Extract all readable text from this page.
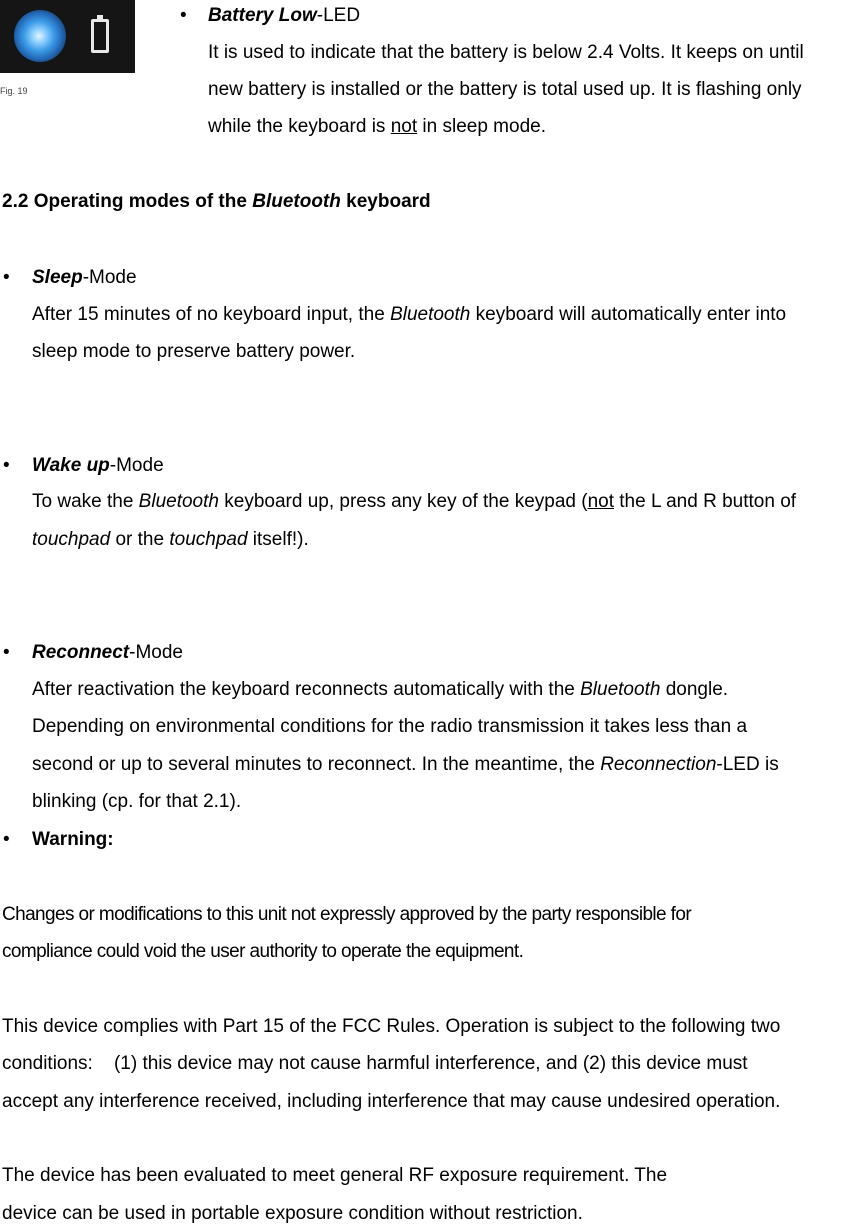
Fig. 19
• Battery Low-LED
It is used to indicate that the battery is below 2.4 Volts. It keeps on until
new battery is installed or the battery is total used up. It is flashing only
while the keyboard is not in sleep mode.
2.2 Operating modes of the Bluetooth keyboard
• Sleep-Mode
After 15 minutes of no keyboard input, the Bluetooth keyboard will automatically enter into
sleep mode to preserve battery power.
• Wake up-Mode
To wake the Bluetooth keyboard up, press any key of the keypad (not the L and R button of
touchpad or the touchpad itself!).
• Reconnect-Mode
After reactivation the keyboard reconnects automatically with the Bluetooth dongle.
Depending on environmental conditions for the radio transmission it takes less than a
second or up to several minutes to reconnect. In the meantime, the Reconnection-LED is
blinking (cp. for that 2.1).
• Warning:
Changes or modifications to this unit not expressly approved by the party responsible for
compliance could void the user authority to operate the equipment.
This device complies with Part 15 of the FCC Rules. Operation is subject to the following two
conditions:    (1) this device may not cause harmful interference, and (2) this device must
accept any interference received, including interference that may cause undesired operation.
The device has been evaluated to meet general RF exposure requirement. The
device can be used in portable exposure condition without restriction.
